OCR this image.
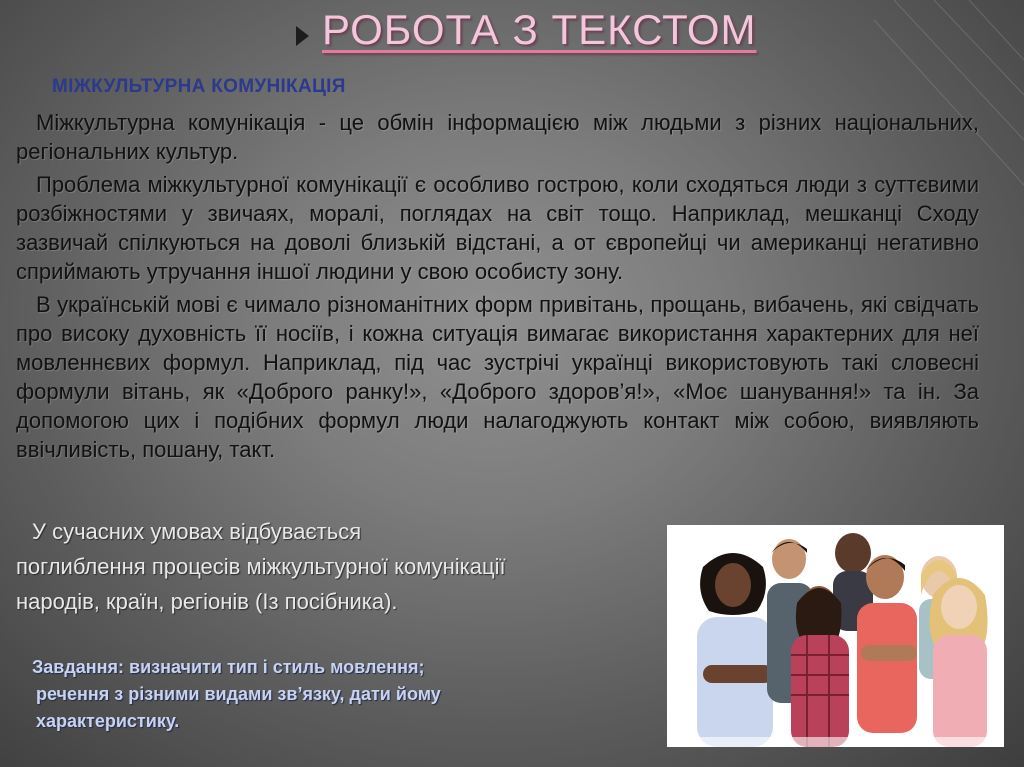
РОБОТА З ТЕКСТОМ

МІЖКУЛЬТУРНА КОМУНІКАЦІЯ

Міжкультурна комунікація - це обмін інформацією між людьми з різних національних, регіональних культур.

Проблема міжкультурної комунікації є особливо гострою, коли сходяться люди з суттєвими розбіжностями у звичаях, моралі, поглядах на світ тощо. Наприклад, мешканці Сходу зазвичай спілкуються на доволі близькій відстані, а от європейці чи американці негативно сприймають утручання іншої людини у свою особисту зону.

В українській мові є чимало різноманітних форм привітань, прощань, вибачень, які свідчать про високу духовність її носіїв, і кожна ситуація вимагає використання характерних для неї мовленнєвих формул. Наприклад, під час зустрічі українці використовують такі словесні формули вітань, як «Доброго ранку!», «Доброго здоров’я!», «Моє шанування!» та ін. За допомогою цих і подібних формул люди налагоджують контакт між собою, виявляють ввічливість, пошану, такт.

У сучасних умовах відбувається
поглиблення процесів міжкультурної комунікації
народів, країн, регіонів (Із посібника).
Завдання: визначити тип і стиль мовлення;
речення з різними видами зв’язку, дати йому
характеристику.
